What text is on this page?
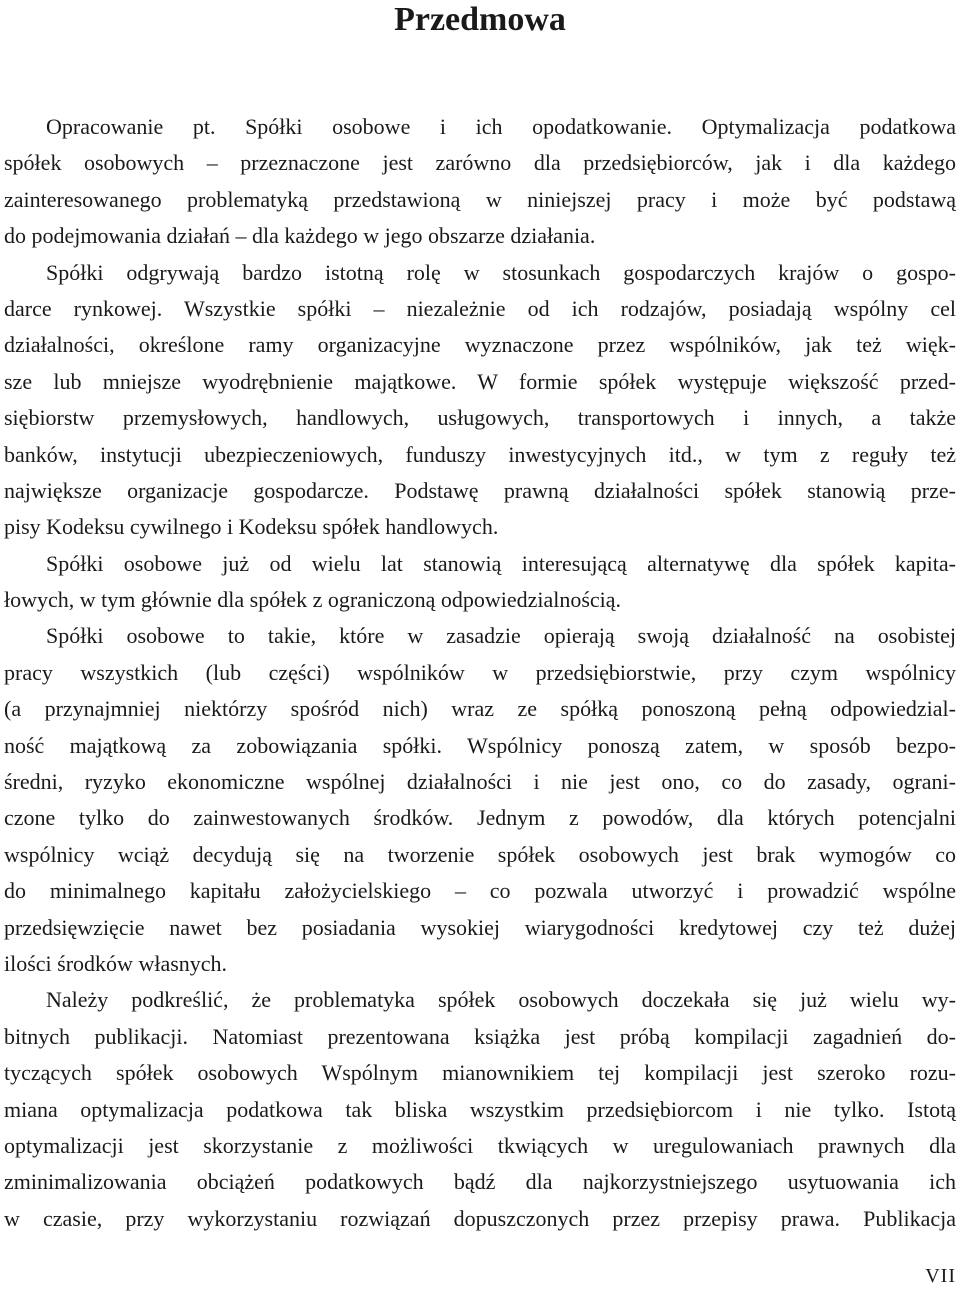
Przedmowa
Opracowanie pt. Spółki osobowe i ich opodatkowanie. Optymalizacja podatkowa
spółek osobowych – przeznaczone jest zarówno dla przedsiębiorców, jak i dla każdego
zainteresowanego problematyką przedstawioną w niniejszej pracy i może być podstawą
do podejmowania działań – dla każdego w jego obszarze działania.
Spółki odgrywają bardzo istotną rolę w stosunkach gospodarczych krajów o gospo-
darce rynkowej. Wszystkie spółki – niezależnie od ich rodzajów, posiadają wspólny cel
działalności, określone ramy organizacyjne wyznaczone przez wspólników, jak też więk-
sze lub mniejsze wyodrębnienie majątkowe. W formie spółek występuje większość przed-
siębiorstw przemysłowych, handlowych, usługowych, transportowych i innych, a także
banków, instytucji ubezpieczeniowych, funduszy inwestycyjnych itd., w tym z reguły też
największe organizacje gospodarcze. Podstawę prawną działalności spółek stanowią prze-
pisy Kodeksu cywilnego i Kodeksu spółek handlowych.
Spółki osobowe już od wielu lat stanowią interesującą alternatywę dla spółek kapita-
łowych, w tym głównie dla spółek z ograniczoną odpowiedzialnością.
Spółki osobowe to takie, które w zasadzie opierają swoją działalność na osobistej
pracy wszystkich (lub części) wspólników w przedsiębiorstwie, przy czym wspólnicy
(a przynajmniej niektórzy spośród nich) wraz ze spółką ponoszoną pełną odpowiedzial-
ność majątkową za zobowiązania spółki. Wspólnicy ponoszą zatem, w sposób bezpo-
średni, ryzyko ekonomiczne wspólnej działalności i nie jest ono, co do zasady, ograni-
czone tylko do zainwestowanych środków. Jednym z powodów, dla których potencjalni
wspólnicy wciąż decydują się na tworzenie spółek osobowych jest brak wymogów co
do minimalnego kapitału założycielskiego – co pozwala utworzyć i prowadzić wspólne
przedsięwzięcie nawet bez posiadania wysokiej wiarygodności kredytowej czy też dużej
ilości środków własnych.
Należy podkreślić, że problematyka spółek osobowych doczekała się już wielu wy-
bitnych publikacji. Natomiast prezentowana książka jest próbą kompilacji zagadnień do-
tyczących spółek osobowych Wspólnym mianownikiem tej kompilacji jest szeroko rozu-
miana optymalizacja podatkowa tak bliska wszystkim przedsiębiorcom i nie tylko. Istotą
optymalizacji jest skorzystanie z możliwości tkwiących w uregulowaniach prawnych dla
zminimalizowania obciążeń podatkowych bądź dla najkorzystniejszego usytuowania ich
w czasie, przy wykorzystaniu rozwiązań dopuszczonych przez przepisy prawa. Publikacja
VII
